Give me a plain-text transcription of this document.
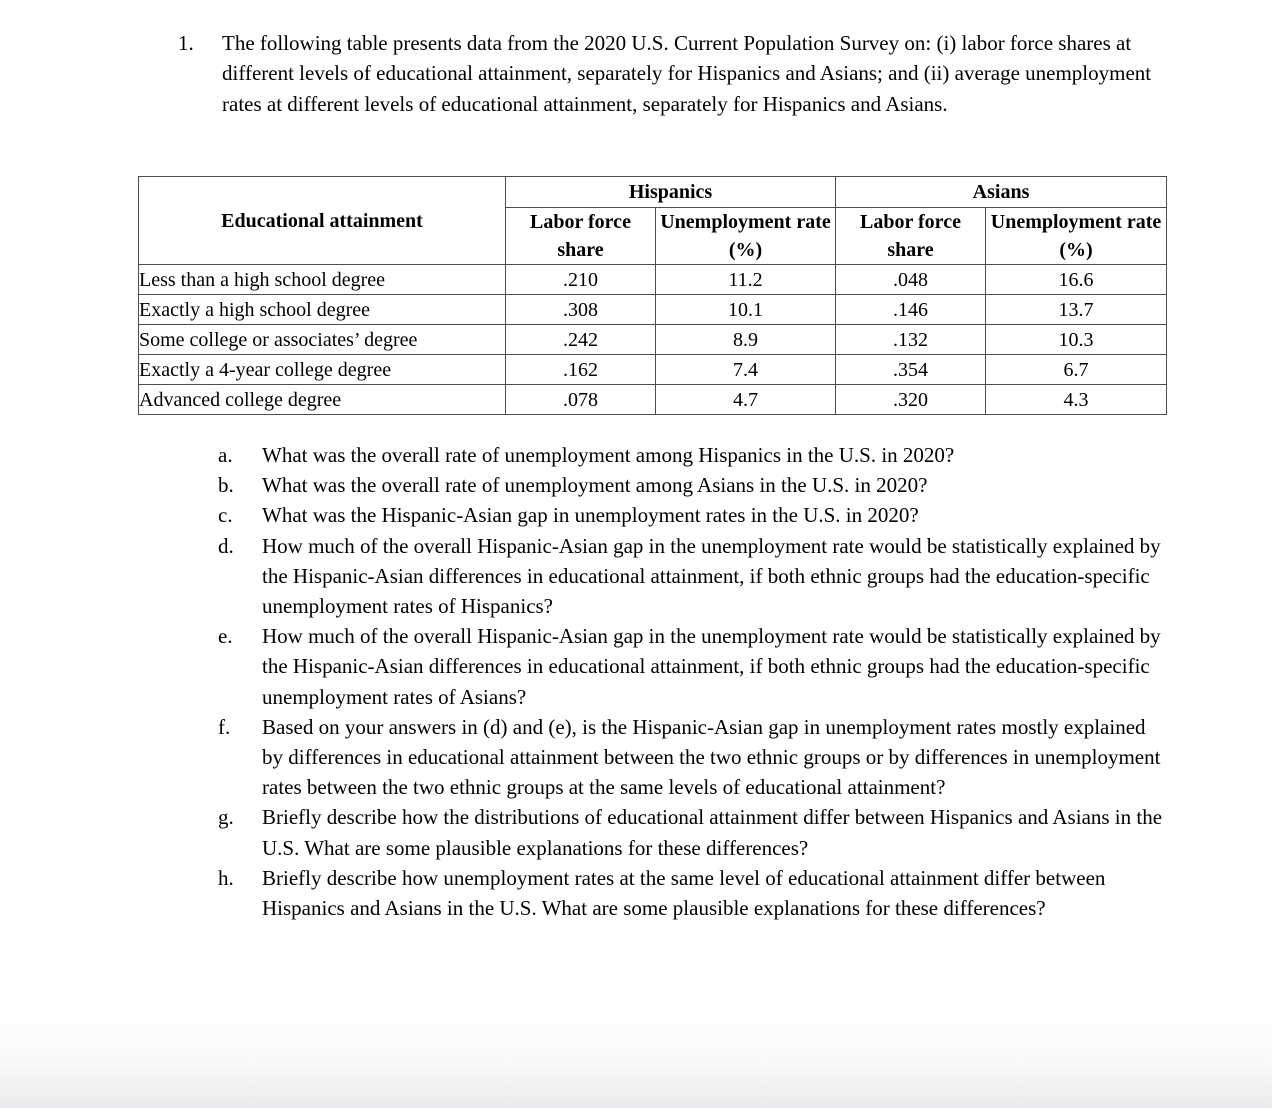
1.	The following table presents data from the 2020 U.S. Current Population Survey on: (i) labor force shares at different levels of educational attainment, separately for Hispanics and Asians; and (ii) average unemployment rates at different levels of educational attainment, separately for Hispanics and Asians.
Educational attainment	Hispanics		Asians	
	Labor force share	Unemployment rate (%)	Labor force share	Unemployment rate (%)
Less than a high school degree	.210	11.2	.048	16.6
Exactly a high school degree	.308	10.1	.146	13.7
Some college or associates’ degree	.242	8.9	.132	10.3
Exactly a 4-year college degree	.162	7.4	.354	6.7
Advanced college degree	.078	4.7	.320	4.3
a.	What was the overall rate of unemployment among Hispanics in the U.S. in 2020?
b.	What was the overall rate of unemployment among Asians in the U.S. in 2020?
c.	What was the Hispanic-Asian gap in unemployment rates in the U.S. in 2020?
d.	How much of the overall Hispanic-Asian gap in the unemployment rate would be statistically explained by the Hispanic-Asian differences in educational attainment, if both ethnic groups had the education-specific unemployment rates of Hispanics?
e.	How much of the overall Hispanic-Asian gap in the unemployment rate would be statistically explained by the Hispanic-Asian differences in educational attainment, if both ethnic groups had the education-specific unemployment rates of Asians?
f.	Based on your answers in (d) and (e), is the Hispanic-Asian gap in unemployment rates mostly explained by differences in educational attainment between the two ethnic groups or by differences in unemployment rates between the two ethnic groups at the same levels of educational attainment?
g.	Briefly describe how the distributions of educational attainment differ between Hispanics and Asians in the U.S. What are some plausible explanations for these differences?
h.	Briefly describe how unemployment rates at the same level of educational attainment differ between Hispanics and Asians in the U.S. What are some plausible explanations for these differences?
